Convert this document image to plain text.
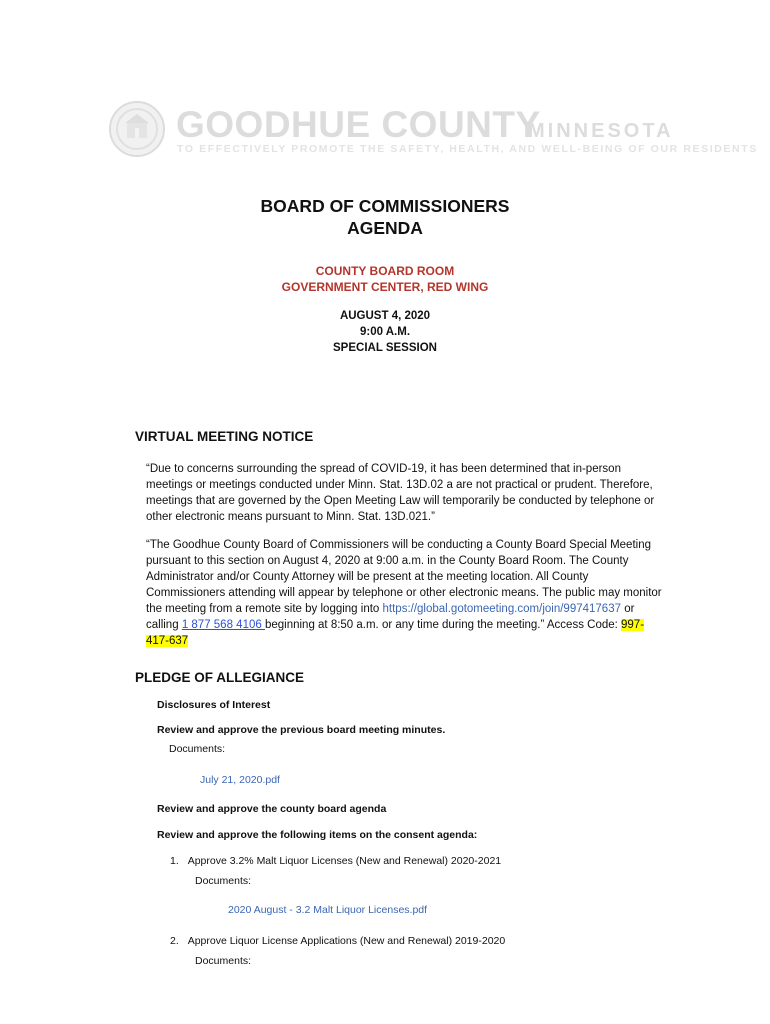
GOODHUE COUNTY
MINNESOTA
TO EFFECTIVELY PROMOTE THE SAFETY, HEALTH, AND WELL-BEING OF OUR RESIDENTS
BOARD OF COMMISSIONERS
AGENDA
COUNTY BOARD ROOM
GOVERNMENT CENTER, RED WING
AUGUST 4, 2020
9:00 A.M.
SPECIAL SESSION
VIRTUAL MEETING NOTICE

“Due to concerns surrounding the spread of COVID-19, it has been determined that in-person meetings or meetings conducted under Minn. Stat. 13D.02 a are not practical or prudent. Therefore, meetings that are governed by the Open Meeting Law will temporarily be conducted by telephone or other electronic means pursuant to Minn. Stat. 13D.021.”

“The Goodhue County Board of Commissioners will be conducting a County Board Special Meeting pursuant to this section on August 4, 2020 at 9:00 a.m. in the County Board Room. The County Administrator and/or County Attorney will be present at the meeting location. All County Commissioners attending will appear by telephone or other electronic means. The public may monitor the meeting from a remote site by logging into https://global.gotomeeting.com/join/997417637 or calling 1 877 568 4106 beginning at 8:50 a.m. or any time during the meeting.” Access Code: 997-417-637

PLEDGE OF ALLEGIANCE
Disclosures of Interest
Review and approve the previous board meeting minutes.
Documents:
July 21, 2020.pdf
Review and approve the county board agenda
Review and approve the following items on the consent agenda:
1. Approve 3.2% Malt Liquor Licenses (New and Renewal) 2020-2021
Documents:
2020 August - 3.2 Malt Liquor Licenses.pdf
2. Approve Liquor License Applications (New and Renewal) 2019-2020
Documents:
